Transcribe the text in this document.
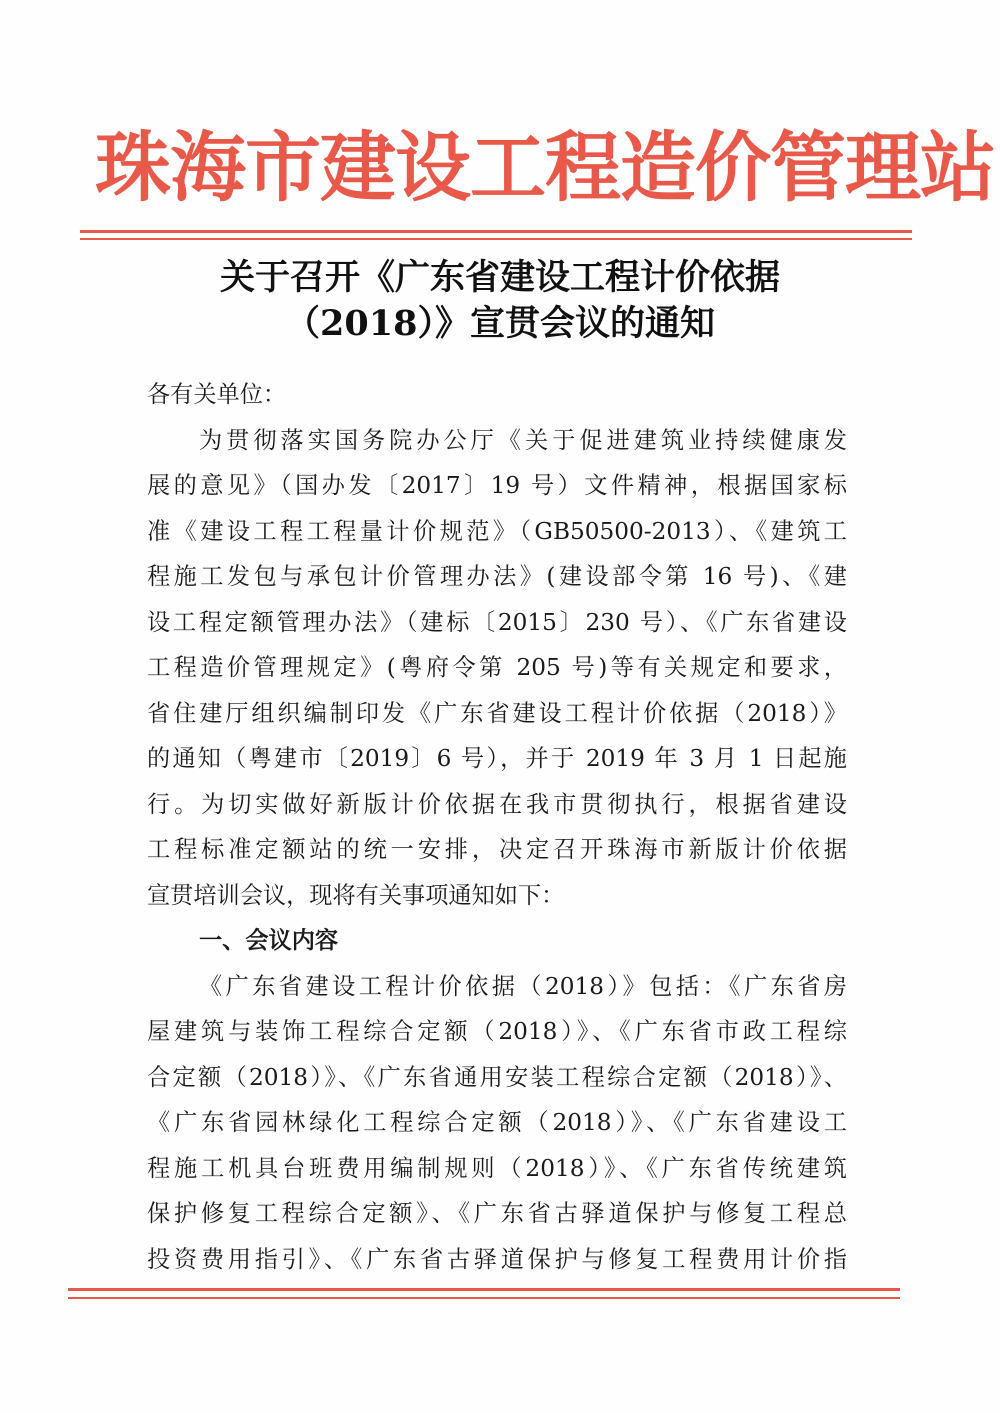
珠海市建设工程造价管理站
关于召开《广东省建设工程计价依据
（2018）》宣贯会议的通知
各有关单位：
为贯彻落实国务院办公厅《关于促进建筑业持续健康发
展的意见》（国办发〔2017〕19 号）文件精神，根据国家标
准《建设工程工程量计价规范》（GB50500-2013）、《建筑工
程施工发包与承包计价管理办法》(建设部令第 16 号)、《建
设工程定额管理办法》（建标〔2015〕230 号）、《广东省建设
工程造价管理规定》(粤府令第 205 号)等有关规定和要求，
省住建厅组织编制印发《广东省建设工程计价依据（2018）》
的通知（粤建市〔2019〕6 号），并于 2019 年 3 月 1 日起施
行。为切实做好新版计价依据在我市贯彻执行，根据省建设
工程标准定额站的统一安排，决定召开珠海市新版计价依据
宣贯培训会议，现将有关事项通知如下：
一、会议内容
《广东省建设工程计价依据（2018）》包括：《广东省房
屋建筑与装饰工程综合定额（2018）》、《广东省市政工程综
合定额（2018）》、《广东省通用安装工程综合定额（2018）》、
《广东省园林绿化工程综合定额（2018）》、《广东省建设工
程施工机具台班费用编制规则（2018）》、《广东省传统建筑
保护修复工程综合定额》、《广东省古驿道保护与修复工程总
投资费用指引》、《广东省古驿道保护与修复工程费用计价指
